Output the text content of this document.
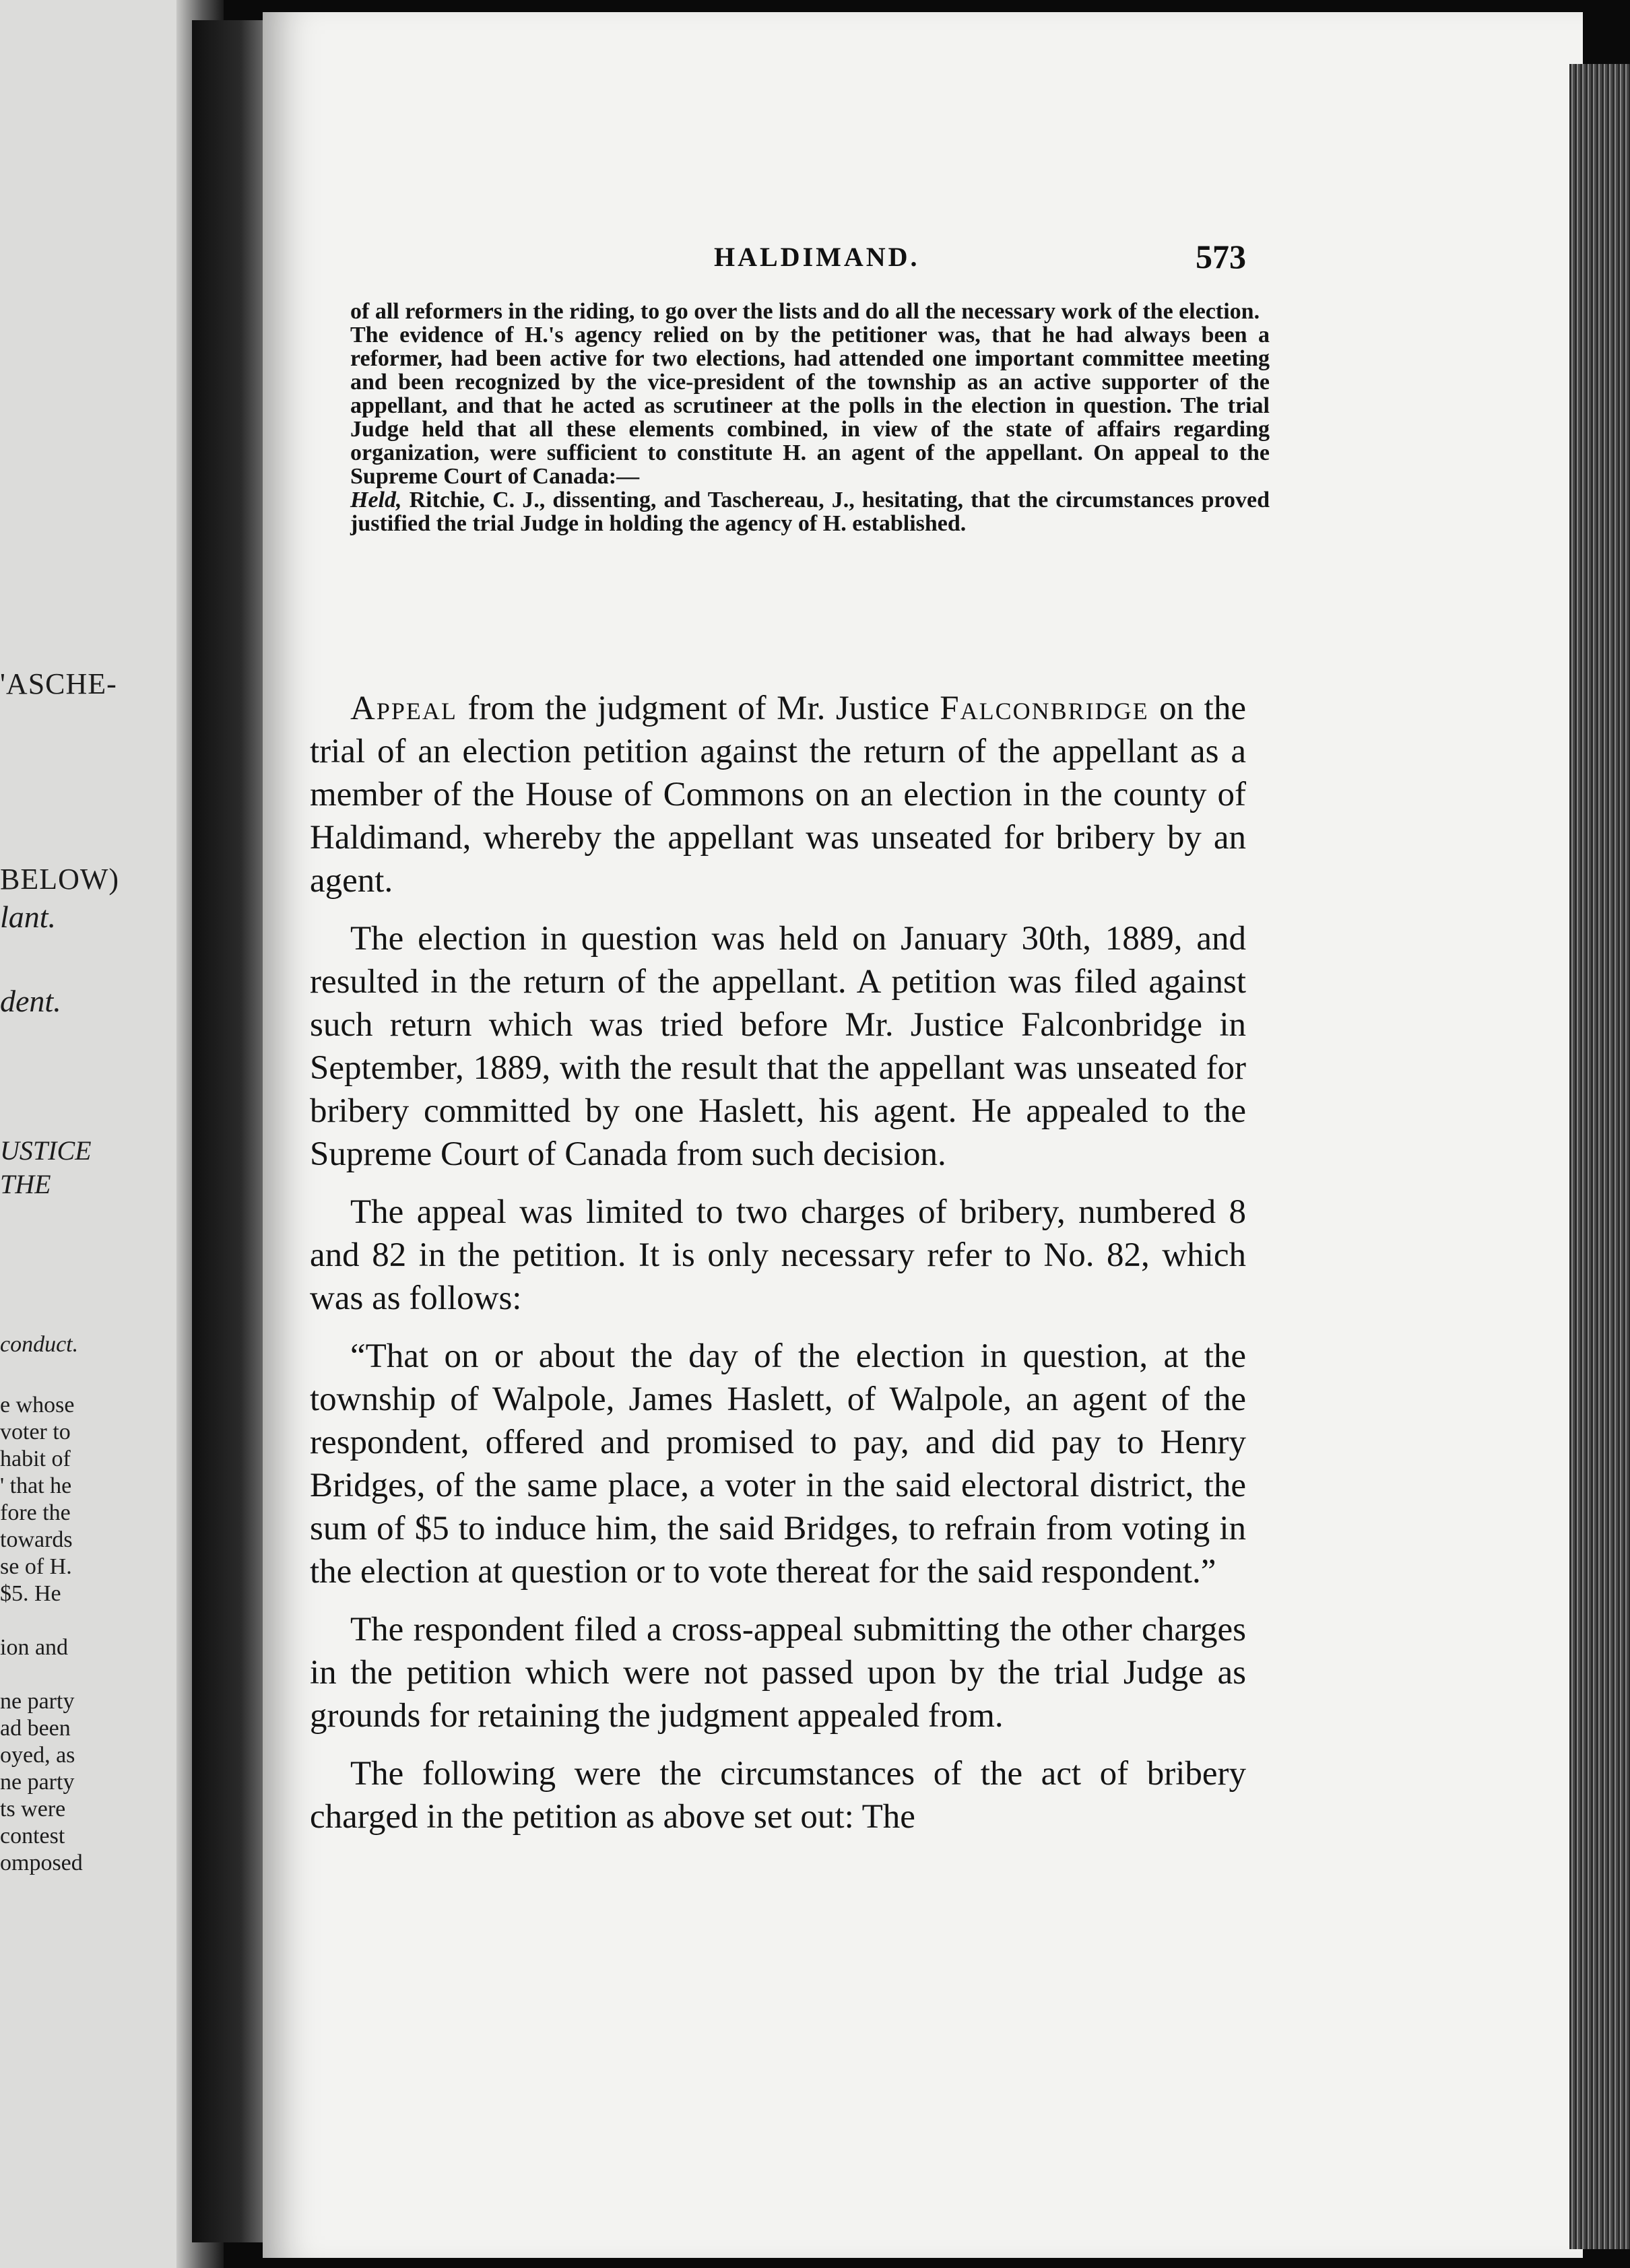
'ASCHE-

BELOW)

lant.

dent.

USTICE

THE

conduct.

e whose

voter to

habit of

' that he

fore the

towards

se of H.

$5. He

ion and

ne party

ad been

oyed, as

ne party

ts were

contest

omposed

HALDIMAND.	573

of all reformers in the riding, to go over the lists and do all the necessary work of the election.

The evidence of H.'s agency relied on by the petitioner was, that he had always been a reformer, had been active for two elections, had attended one important committee meeting and been recognized by the vice-president of the township as an active supporter of the appellant, and that he acted as scrutineer at the polls in the election in question. The trial Judge held that all these elements combined, in view of the state of affairs regarding organization, were sufficient to constitute H. an agent of the appellant. On appeal to the Supreme Court of Canada:—

Held, Ritchie, C. J., dissenting, and Taschereau, J., hesitating, that the circumstances proved justified the trial Judge in holding the agency of H. established.

Appeal from the judgment of Mr. Justice Falconbridge on the trial of an election petition against the return of the appellant as a member of the House of Commons on an election in the county of Haldimand, whereby the appellant was unseated for bribery by an agent.

The election in question was held on January 30th, 1889, and resulted in the return of the appellant. A petition was filed against such return which was tried before Mr. Justice Falconbridge in September, 1889, with the result that the appellant was unseated for bribery committed by one Haslett, his agent. He appealed to the Supreme Court of Canada from such decision.

The appeal was limited to two charges of bribery, numbered 8 and 82 in the petition. It is only necessary refer to No. 82, which was as follows:

“That on or about the day of the election in question, at the township of Walpole, James Haslett, of Walpole, an agent of the respondent, offered and promised to pay, and did pay to Henry Bridges, of the same place, a voter in the said electoral district, the sum of $5 to induce him, the said Bridges, to refrain from voting in the election at question or to vote thereat for the said respondent.”

The respondent filed a cross-appeal submitting the other charges in the petition which were not passed upon by the trial Judge as grounds for retaining the judgment appealed from.

The following were the circumstances of the act of bribery charged in the petition as above set out: The
